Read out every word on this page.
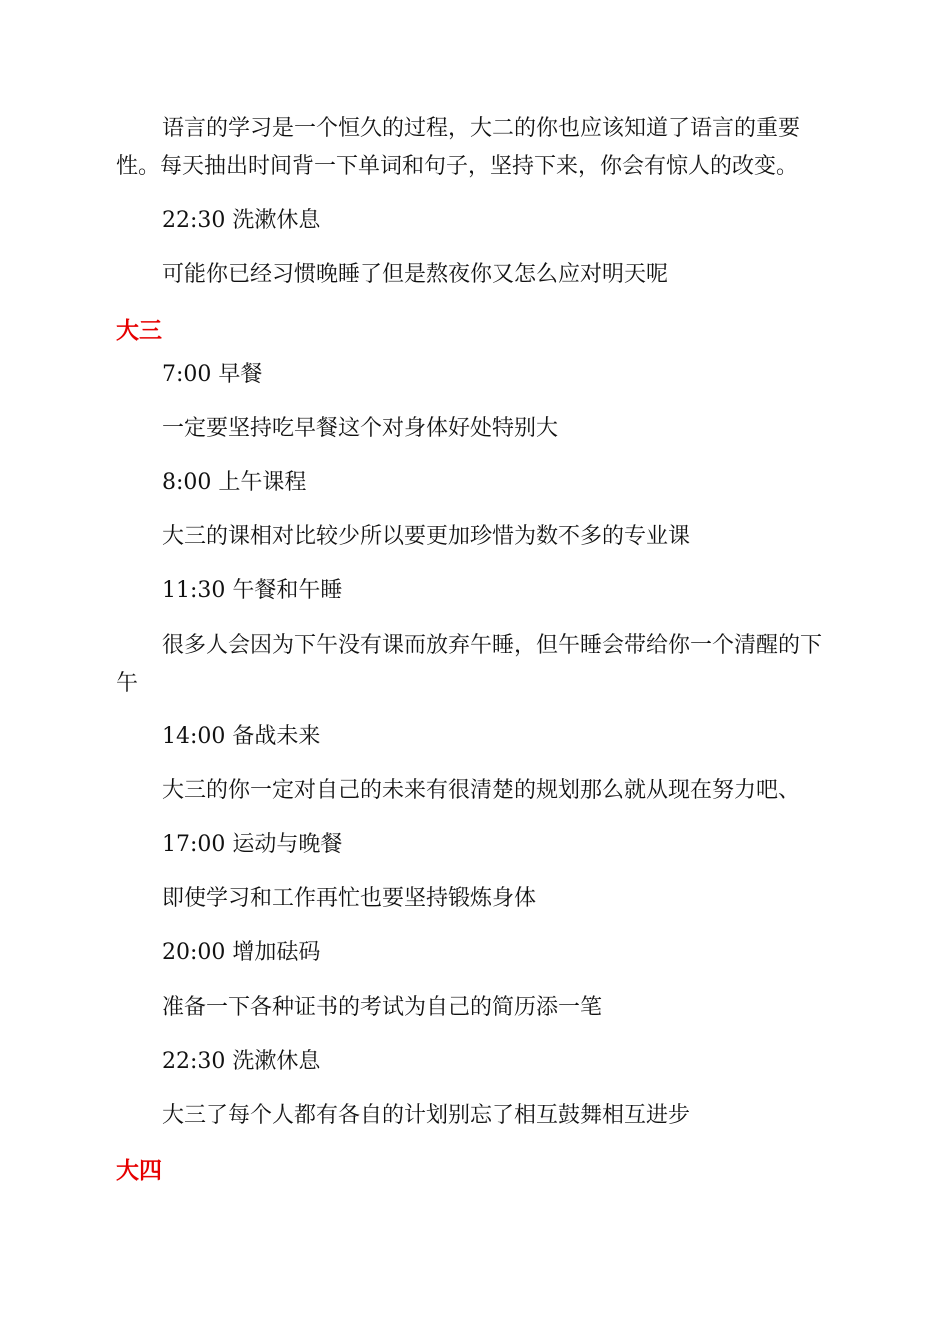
语言的学习是一个恒久的过程，大二的你也应该知道了语言的重要
性。每天抽出时间背一下单词和句子，坚持下来，你会有惊人的改变。
22:30 洗漱休息
可能你已经习惯晚睡了但是熬夜你又怎么应对明天呢
大三
7:00 早餐
一定要坚持吃早餐这个对身体好处特别大
8:00 上午课程
大三的课相对比较少所以要更加珍惜为数不多的专业课
11:30 午餐和午睡
很多人会因为下午没有课而放弃午睡，但午睡会带给你一个清醒的下
午
14:00 备战未来
大三的你一定对自己的未来有很清楚的规划那么就从现在努力吧、
17:00 运动与晚餐
即使学习和工作再忙也要坚持锻炼身体
20:00 增加砝码
准备一下各种证书的考试为自己的简历添一笔
22:30 洗漱休息
大三了每个人都有各自的计划别忘了相互鼓舞相互进步
大四
